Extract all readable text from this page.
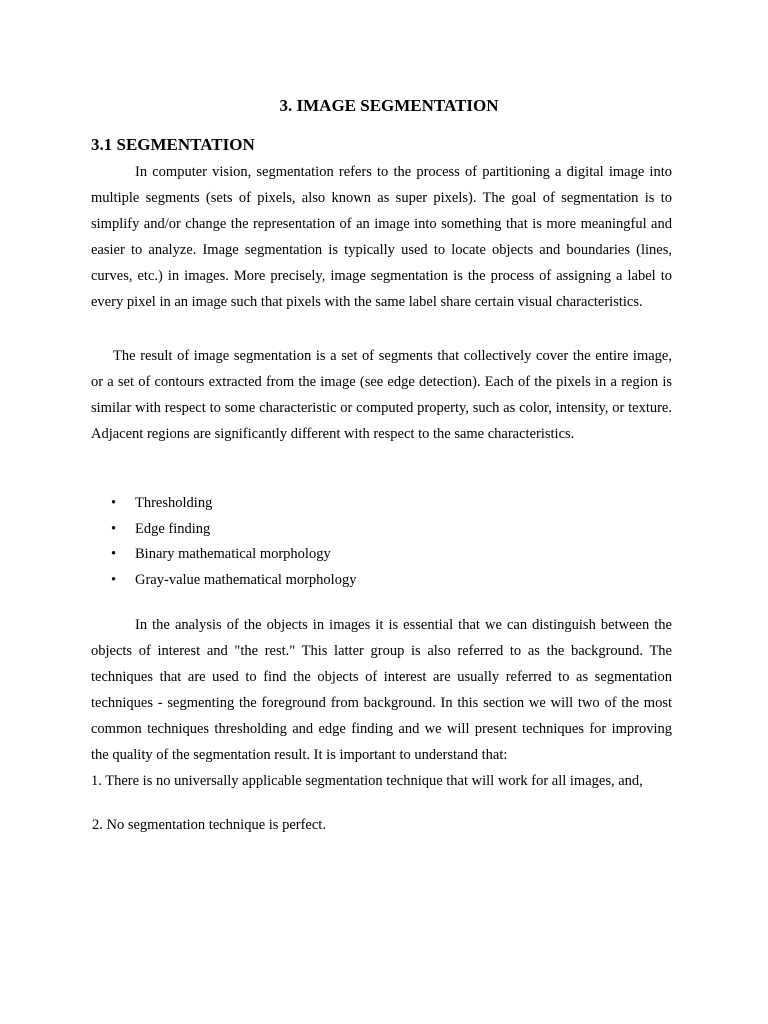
3. IMAGE SEGMENTATION
3.1 SEGMENTATION

In computer vision, segmentation refers to the process of partitioning a digital image into multiple segments (sets of pixels, also known as super pixels). The goal of segmentation is to simplify and/or change the representation of an image into something that is more meaningful and easier to analyze. Image segmentation is typically used to locate objects and boundaries (lines, curves, etc.) in images. More precisely, image segmentation is the process of assigning a label to every pixel in an image such that pixels with the same label share certain visual characteristics.

The result of image segmentation is a set of segments that collectively cover the entire image, or a set of contours extracted from the image (see edge detection). Each of the pixels in a region is similar with respect to some characteristic or computed property, such as color, intensity, or texture. Adjacent regions are significantly different with respect to the same characteristics.

• Thresholding
• Edge finding
• Binary mathematical morphology
• Gray-value mathematical morphology

In the analysis of the objects in images it is essential that we can distinguish between the objects of interest and "the rest." This latter group is also referred to as the background. The techniques that are used to find the objects of interest are usually referred to as segmentation techniques - segmenting the foreground from background. In this section we will two of the most common techniques thresholding and edge finding and we will present techniques for improving the quality of the segmentation result. It is important to understand that:

1. There is no universally applicable segmentation technique that will work for all images, and,

2. No segmentation technique is perfect.
